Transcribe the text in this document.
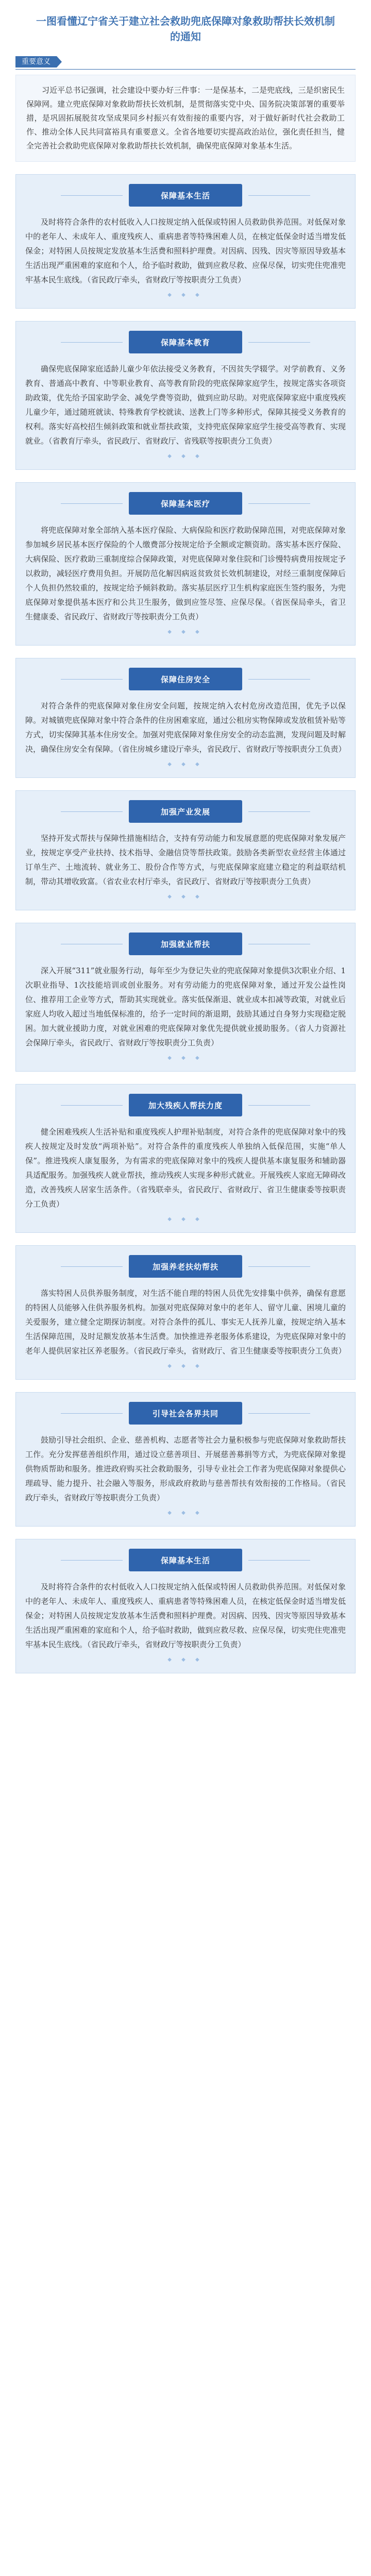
一图看懂辽宁省关于建立社会救助兜底保障对象救助帮扶长效机制的通知
重要意义
习近平总书记强调，社会建设中要办好三件事：一是保基本，二是兜底线，三是织密民生保障网。建立兜底保障对象救助帮扶长效机制，是贯彻落实党中央、国务院决策部署的重要举措，是巩固拓展脱贫攻坚成果同乡村振兴有效衔接的重要内容，对于做好新时代社会救助工作、推动全体人民共同富裕具有重要意义。全省各地要切实提高政治站位，强化责任担当，健全完善社会救助兜底保障对象救助帮扶长效机制，确保兜底保障对象基本生活。
保障基本生活
及时将符合条件的农村低收入人口按规定纳入低保或特困人员救助供养范围。对低保对象中的老年人、未成年人、重度残疾人、重病患者等特殊困难人员，在核定低保金时适当增发低保金；对特困人员按规定发放基本生活费和照料护理费。对因病、因残、因灾等原因导致基本生活出现严重困难的家庭和个人，给予临时救助，做到应救尽救、应保尽保，切实兜住兜准兜牢基本民生底线。（省民政厅牵头，省财政厅等按职责分工负责）
◆ ◆ ◆
保障基本教育
确保兜底保障家庭适龄儿童少年依法接受义务教育，不因贫失学辍学。对学前教育、义务教育、普通高中教育、中等职业教育、高等教育阶段的兜底保障家庭学生，按规定落实各项资助政策，优先给予国家助学金、减免学费等资助，做到应助尽助。对兜底保障家庭中重度残疾儿童少年，通过随班就读、特殊教育学校就读、送教上门等多种形式，保障其接受义务教育的权利。落实好高校招生倾斜政策和就业帮扶政策，支持兜底保障家庭学生接受高等教育、实现就业。（省教育厅牵头，省民政厅、省财政厅、省残联等按职责分工负责）
◆ ◆ ◆
保障基本医疗
将兜底保障对象全部纳入基本医疗保险、大病保险和医疗救助保障范围，对兜底保障对象参加城乡居民基本医疗保险的个人缴费部分按规定给予全额或定额资助。落实基本医疗保险、大病保险、医疗救助三重制度综合保障政策，对兜底保障对象住院和门诊慢特病费用按规定予以救助，减轻医疗费用负担。开展防范化解因病返贫致贫长效机制建设，对经三重制度保障后个人负担仍然较重的，按规定给予倾斜救助。落实基层医疗卫生机构家庭医生签约服务，为兜底保障对象提供基本医疗和公共卫生服务，做到应签尽签、应保尽保。（省医保局牵头，省卫生健康委、省民政厅、省财政厅等按职责分工负责）
◆ ◆ ◆
保障住房安全
对符合条件的兜底保障对象住房安全问题，按规定纳入农村危房改造范围，优先予以保障。对城镇兜底保障对象中符合条件的住房困难家庭，通过公租房实物保障或发放租赁补贴等方式，切实保障其基本住房安全。加强对兜底保障对象住房安全的动态监测，发现问题及时解决，确保住房安全有保障。（省住房城乡建设厅牵头，省民政厅、省财政厅等按职责分工负责）
◆ ◆ ◆
加强产业发展
坚持开发式帮扶与保障性措施相结合，支持有劳动能力和发展意愿的兜底保障对象发展产业，按规定享受产业扶持、技术指导、金融信贷等帮扶政策。鼓励各类新型农业经营主体通过订单生产、土地流转、就业务工、股份合作等方式，与兜底保障家庭建立稳定的利益联结机制，带动其增收致富。（省农业农村厅牵头，省民政厅、省财政厅等按职责分工负责）
◆ ◆ ◆
加强就业帮扶
深入开展“311”就业服务行动，每年至少为登记失业的兜底保障对象提供3次职业介绍、1次职业指导、1次技能培训或创业服务。对有劳动能力的兜底保障对象，通过开发公益性岗位、推荐用工企业等方式，帮助其实现就业。落实低保渐退、就业成本扣减等政策，对就业后家庭人均收入超过当地低保标准的，给予一定时间的渐退期，鼓励其通过自身努力实现稳定脱困。加大就业援助力度，对就业困难的兜底保障对象优先提供就业援助服务。（省人力资源社会保障厅牵头，省民政厅、省财政厅等按职责分工负责）
◆ ◆ ◆
加大残疾人帮扶力度
健全困难残疾人生活补贴和重度残疾人护理补贴制度，对符合条件的兜底保障对象中的残疾人按规定及时发放“两项补贴”。对符合条件的重度残疾人单独纳入低保范围，实施“单人保”。推进残疾人康复服务，为有需求的兜底保障对象中的残疾人提供基本康复服务和辅助器具适配服务。加强残疾人就业帮扶，推动残疾人实现多种形式就业。开展残疾人家庭无障碍改造，改善残疾人居家生活条件。（省残联牵头，省民政厅、省财政厅、省卫生健康委等按职责分工负责）
◆ ◆ ◆
加强养老扶幼帮扶
落实特困人员供养服务制度，对生活不能自理的特困人员优先安排集中供养，确保有意愿的特困人员能够入住供养服务机构。加强对兜底保障对象中的老年人、留守儿童、困境儿童的关爱服务，建立健全定期探访制度。对符合条件的孤儿、事实无人抚养儿童，按规定纳入基本生活保障范围，及时足额发放基本生活费。加快推进养老服务体系建设，为兜底保障对象中的老年人提供居家社区养老服务。（省民政厅牵头，省财政厅、省卫生健康委等按职责分工负责）
◆ ◆ ◆
引导社会各界共同
鼓励引导社会组织、企业、慈善机构、志愿者等社会力量积极参与兜底保障对象救助帮扶工作。充分发挥慈善组织作用，通过设立慈善项目、开展慈善募捐等方式，为兜底保障对象提供物质帮助和服务。推进政府购买社会救助服务，引导专业社会工作者为兜底保障对象提供心理疏导、能力提升、社会融入等服务，形成政府救助与慈善帮扶有效衔接的工作格局。（省民政厅牵头，省财政厅等按职责分工负责）
◆ ◆ ◆
保障基本生活
及时将符合条件的农村低收入人口按规定纳入低保或特困人员救助供养范围。对低保对象中的老年人、未成年人、重度残疾人、重病患者等特殊困难人员，在核定低保金时适当增发低保金；对特困人员按规定发放基本生活费和照料护理费。对因病、因残、因灾等原因导致基本生活出现严重困难的家庭和个人，给予临时救助，做到应救尽救、应保尽保，切实兜住兜准兜牢基本民生底线。（省民政厅牵头，省财政厅等按职责分工负责）
◆ ◆ ◆
